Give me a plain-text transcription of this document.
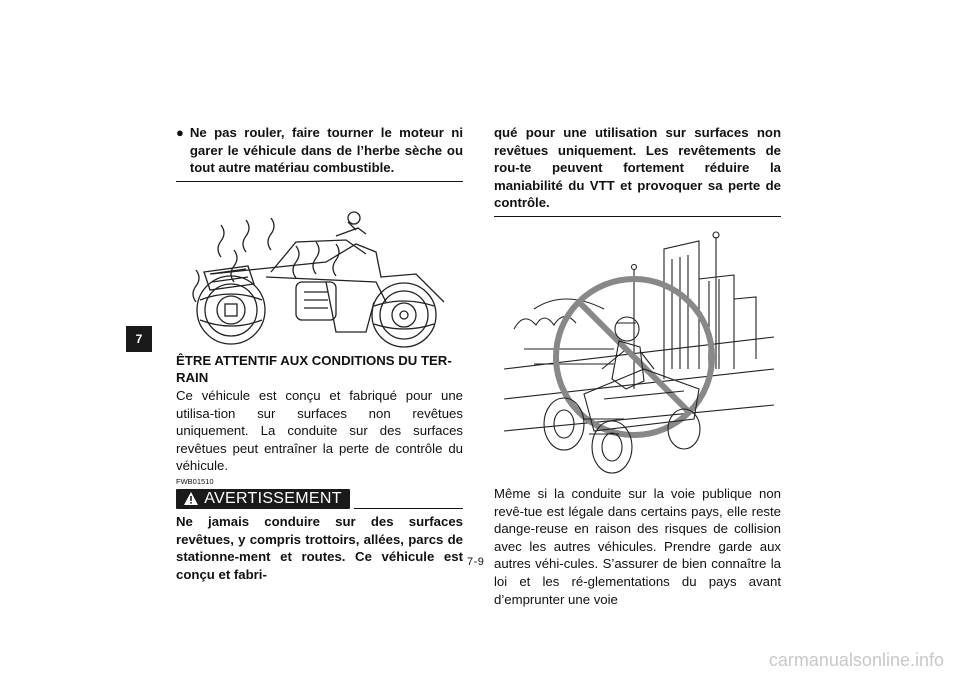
7
● Ne pas rouler, faire tourner le moteur ni garer le véhicule dans de l’herbe sèche ou tout autre matériau combustible.
ÊTRE ATTENTIF AUX CONDITIONS DU TER-RAIN
Ce véhicule est conçu et fabriqué pour une utilisa-tion sur surfaces non revêtues uniquement. La conduite sur des surfaces revêtues peut entraîner la perte de contrôle du véhicule.
FWB01510
AVERTISSEMENT
Ne jamais conduire sur des surfaces revêtues, y compris trottoirs, allées, parcs de stationne-ment et routes. Ce véhicule est conçu et fabri-
qué pour une utilisation sur surfaces non revêtues uniquement. Les revêtements de rou-te peuvent fortement réduire la maniabilité du VTT et provoquer sa perte de contrôle.
Même si la conduite sur la voie publique non revê-tue est légale dans certains pays, elle reste dange-reuse en raison des risques de collision avec les autres véhicules. Prendre garde aux autres véhi-cules. S’assurer de bien connaître la loi et les ré-glementations du pays avant d’emprunter une voie
7-9
carmanualsonline.info
